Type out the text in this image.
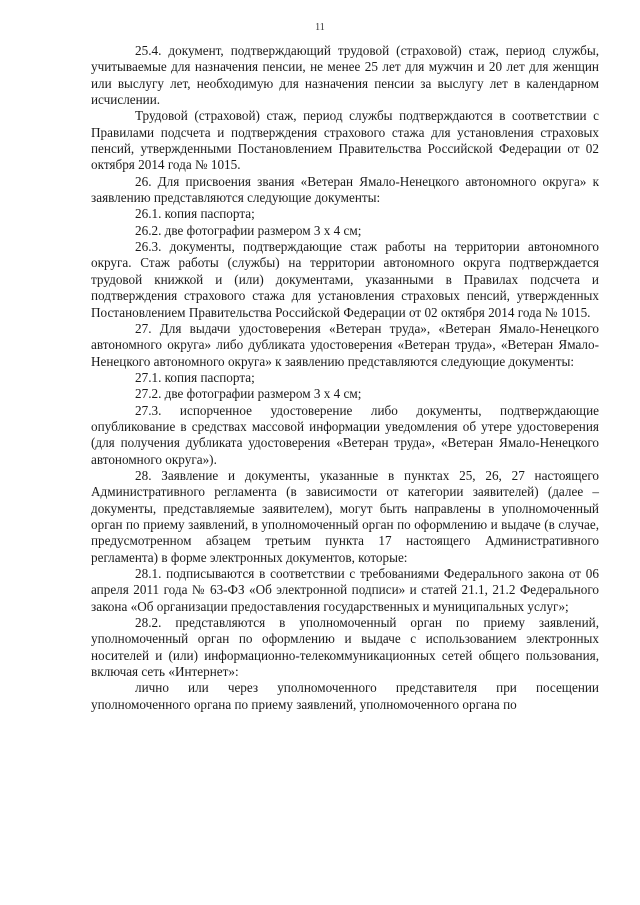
11

25.4. документ, подтверждающий трудовой (страховой) стаж, период службы, учитываемые для назначения пенсии, не менее 25 лет для мужчин и 20 лет для женщин или выслугу лет, необходимую для назначения пенсии за выслугу лет в календарном исчислении.

Трудовой (страховой) стаж, период службы подтверждаются в соответствии с Правилами подсчета и подтверждения страхового стажа для установления страховых пенсий, утвержденными Постановлением Правительства Российской Федерации от 02 октября 2014 года № 1015.

26. Для присвоения звания «Ветеран Ямало-Ненецкого автономного округа» к заявлению представляются следующие документы:

26.1. копия паспорта;

26.2. две фотографии размером 3 х 4 см;

26.3. документы, подтверждающие стаж работы на территории автономного округа. Стаж работы (службы) на территории автономного округа подтверждается трудовой книжкой и (или) документами, указанными в Правилах подсчета и подтверждения страхового стажа для установления страховых пенсий, утвержденных Постановлением Правительства Российской Федерации от 02 октября 2014 года № 1015.

27. Для выдачи удостоверения «Ветеран труда», «Ветеран Ямало-Ненецкого автономного округа» либо дубликата удостоверения «Ветеран труда», «Ветеран Ямало-Ненецкого автономного округа» к заявлению представляются следующие документы:

27.1. копия паспорта;

27.2. две фотографии размером 3 х 4 см;

27.3. испорченное удостоверение либо документы, подтверждающие опубликование в средствах массовой информации уведомления об утере удостоверения (для получения дубликата удостоверения «Ветеран труда», «Ветеран Ямало-Ненецкого автономного округа»).

28. Заявление и документы, указанные в пунктах 25, 26, 27 настоящего Административного регламента (в зависимости от категории заявителей) (далее – документы, представляемые заявителем), могут быть направлены в уполномоченный орган по приему заявлений, в уполномоченный орган по оформлению и выдаче (в случае, предусмотренном абзацем третьим пункта 17 настоящего Административного регламента) в форме электронных документов, которые:

28.1. подписываются в соответствии с требованиями Федерального закона от 06 апреля 2011 года № 63-ФЗ «Об электронной подписи» и статей 21.1, 21.2 Федерального закона «Об организации предоставления государственных и муниципальных услуг»;

28.2. представляются в уполномоченный орган по приему заявлений, уполномоченный орган по оформлению и выдаче с использованием электронных носителей и (или) информационно-телекоммуникационных сетей общего пользования, включая сеть «Интернет»:

лично или через уполномоченного представителя при посещении уполномоченного органа по приему заявлений, уполномоченного органа по
